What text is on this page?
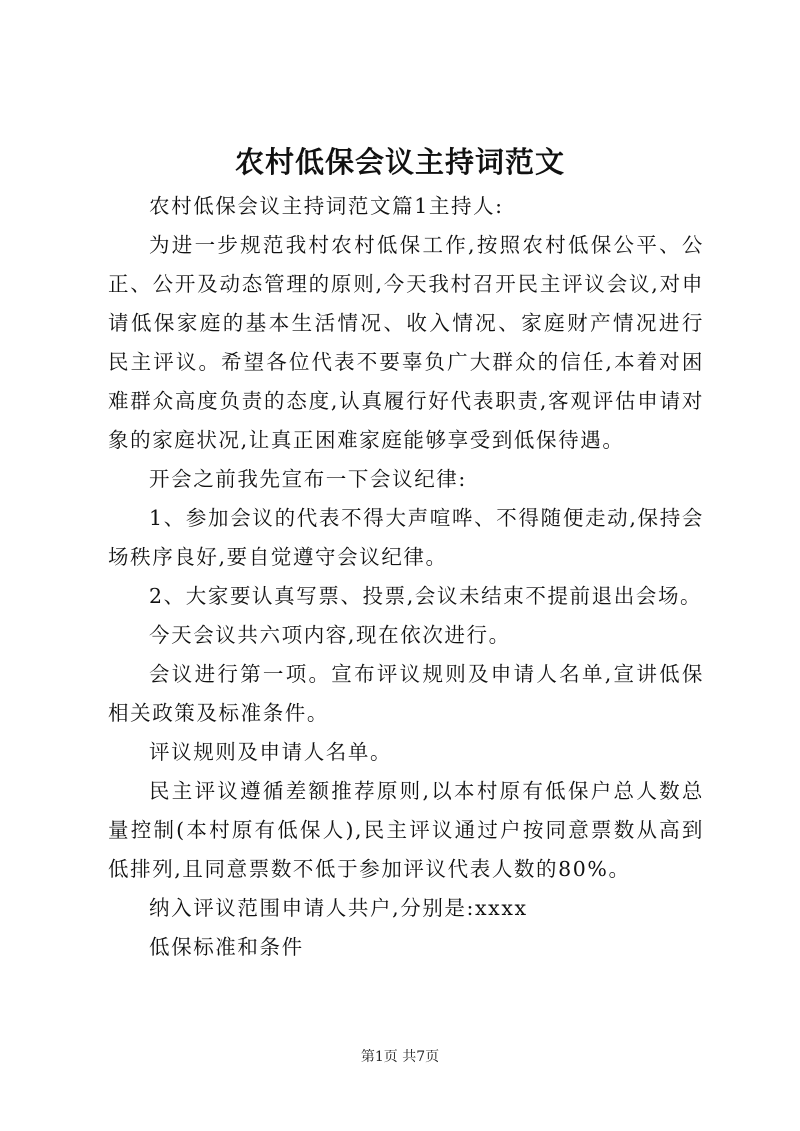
农村低保会议主持词范文

农村低保会议主持词范文篇1主持人:

为进一步规范我村农村低保工作,按照农村低保公平、公正、公开及动态管理的原则,今天我村召开民主评议会议,对申请低保家庭的基本生活情况、收入情况、家庭财产情况进行民主评议。希望各位代表不要辜负广大群众的信任,本着对困难群众高度负责的态度,认真履行好代表职责,客观评估申请对象的家庭状况,让真正困难家庭能够享受到低保待遇。

开会之前我先宣布一下会议纪律:

1、参加会议的代表不得大声喧哗、不得随便走动,保持会场秩序良好,要自觉遵守会议纪律。

2、大家要认真写票、投票,会议未结束不提前退出会场。

今天会议共六项内容,现在依次进行。

会议进行第一项。宣布评议规则及申请人名单,宣讲低保相关政策及标准条件。

评议规则及申请人名单。

民主评议遵循差额推荐原则,以本村原有低保户总人数总量控制(本村原有低保人),民主评议通过户按同意票数从高到低排列,且同意票数不低于参加评议代表人数的80%。

纳入评议范围申请人共户,分别是:xxxx

低保标准和条件

第1页 共7页
